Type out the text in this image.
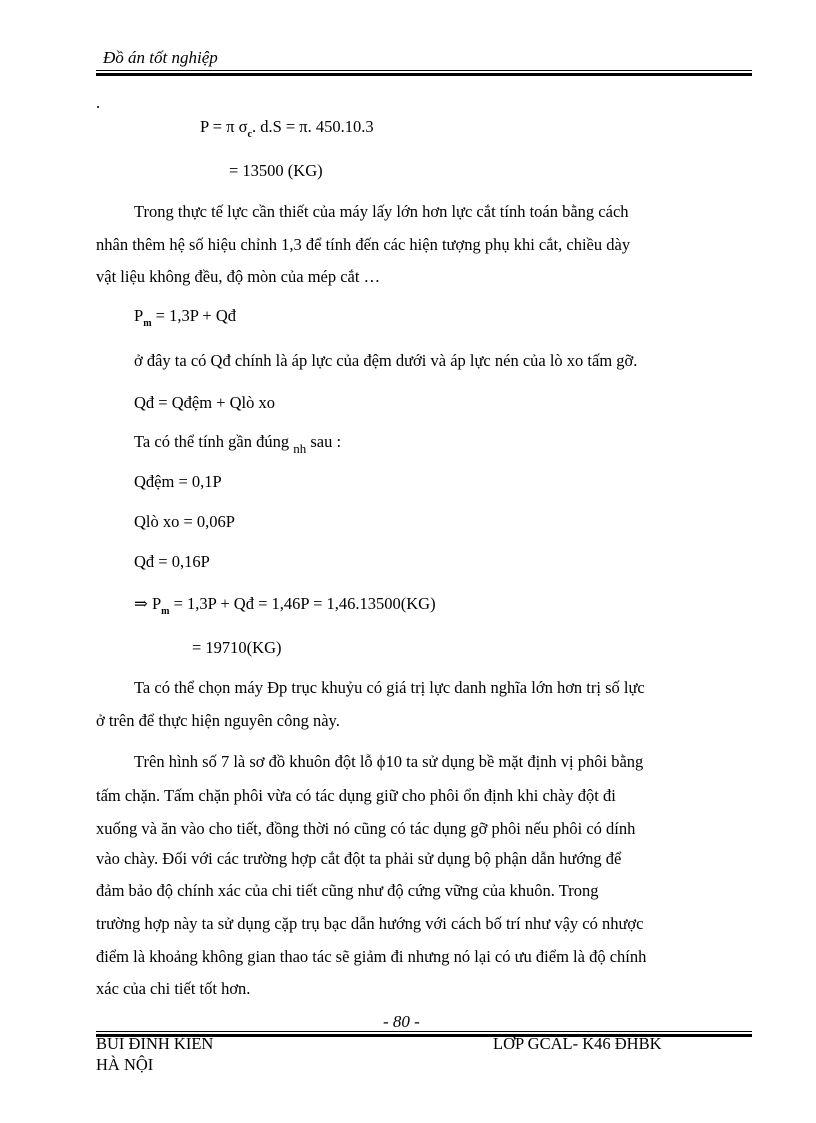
Đồ án tốt nghiệp
.
P = π $\sigma_c$. d.S = π. 450.10.3
= 13500 (KG)
Trong thực tế lực cần thiết của máy lấy lớn hơn lực cắt tính toán bằng cách
nhân thêm hệ số hiệu chỉnh 1,3 để tính đến các hiện tượng phụ khi cắt, chiều dày
vật liệu không đều, độ mòn của mép cắt …
$P_m = 1,3P$ + Qđ
ở đây ta có Qđ chính là áp lực của đệm dưới và áp lực nén của lò xo tấm gỡ.
Qđ = Qđệm + Qlò xo
Ta có thể tính gần đúng $_{nh}$ sau :
Qđệm = 0,1P
Qlò xo = 0,06P
Qđ = 0,16P
⇒ $P_m = 1,3P$ + Qđ = 1,46P = 1,46.13500(KG)
= 19710(KG)
Ta có thể chọn máy Đp trục khuỷu có giá trị lực danh nghĩa lớn hơn trị số lực
ở trên để thực hiện nguyên công này.
Trên hình số 7 là sơ đồ khuôn đột lỗ ϕ10 ta sử dụng bề mặt định vị phôi bằng
tấm chặn. Tấm chặn phôi vừa có tác dụng giữ cho phôi ổn định khi chày đột đi
xuống và ăn vào cho tiết, đồng thời nó cũng có tác dụng gỡ phôi nếu phôi có dính
vào chày. Đối với các trường hợp cắt đột ta phải sử dụng bộ phận dẫn hướng để
đảm bảo độ chính xác của chi tiết cũng như độ cứng vững của khuôn. Trong
trường hợp này ta sử dụng cặp trụ bạc dẫn hướng với cách bố trí như vậy có nhược
điểm là khoảng không gian thao tác sẽ giảm đi nhưng nó lại có ưu điểm là độ chính
xác của chi tiết tốt hơn.
- 80 -
BÙI ĐÌNH KIÊN	LỚP GCAL- K46 ĐHBK
HÀ NỘI
